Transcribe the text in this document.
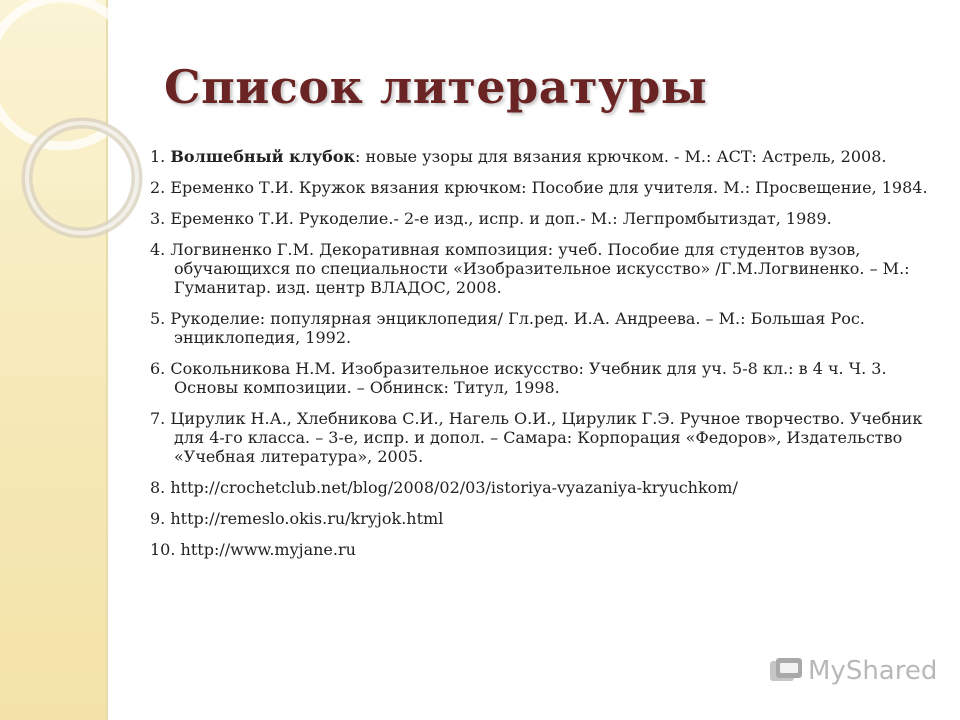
Список литературы
1. Волшебный клубок: новые узоры для вязания крючком. - М.: АСТ: Астрель, 2008.
2. Еременко Т.И. Кружок вязания крючком: Пособие для учителя. М.: Просвещение, 1984.
3. Еременко Т.И. Рукоделие.- 2-е изд., испр. и доп.- М.: Легпромбытиздат, 1989.
4. Логвиненко Г.М. Декоративная композиция: учеб. Пособие для студентов вузов, обучающихся по специальности «Изобразительное искусство» /Г.М.Логвиненко. – М.: Гуманитар. изд. центр ВЛАДОС, 2008.
5. Рукоделие: популярная энциклопедия/ Гл.ред. И.А. Андреева. – М.: Большая Рос. энциклопедия, 1992.
6. Сокольникова Н.М. Изобразительное искусство: Учебник для уч. 5-8 кл.: в 4 ч. Ч. 3. Основы композиции. – Обнинск: Титул, 1998.
7. Цирулик Н.А., Хлебникова С.И., Нагель О.И., Цирулик Г.Э. Ручное творчество. Учебник для 4-го класса. – 3-е, испр. и допол. – Самара: Корпорация «Федоров», Издательство «Учебная литература», 2005.
8. http://crochetclub.net/blog/2008/02/03/istoriya-vyazaniya-kryuchkom/
9. http://remeslo.okis.ru/kryjok.html
10. http://www.myjane.ru
MyShared
